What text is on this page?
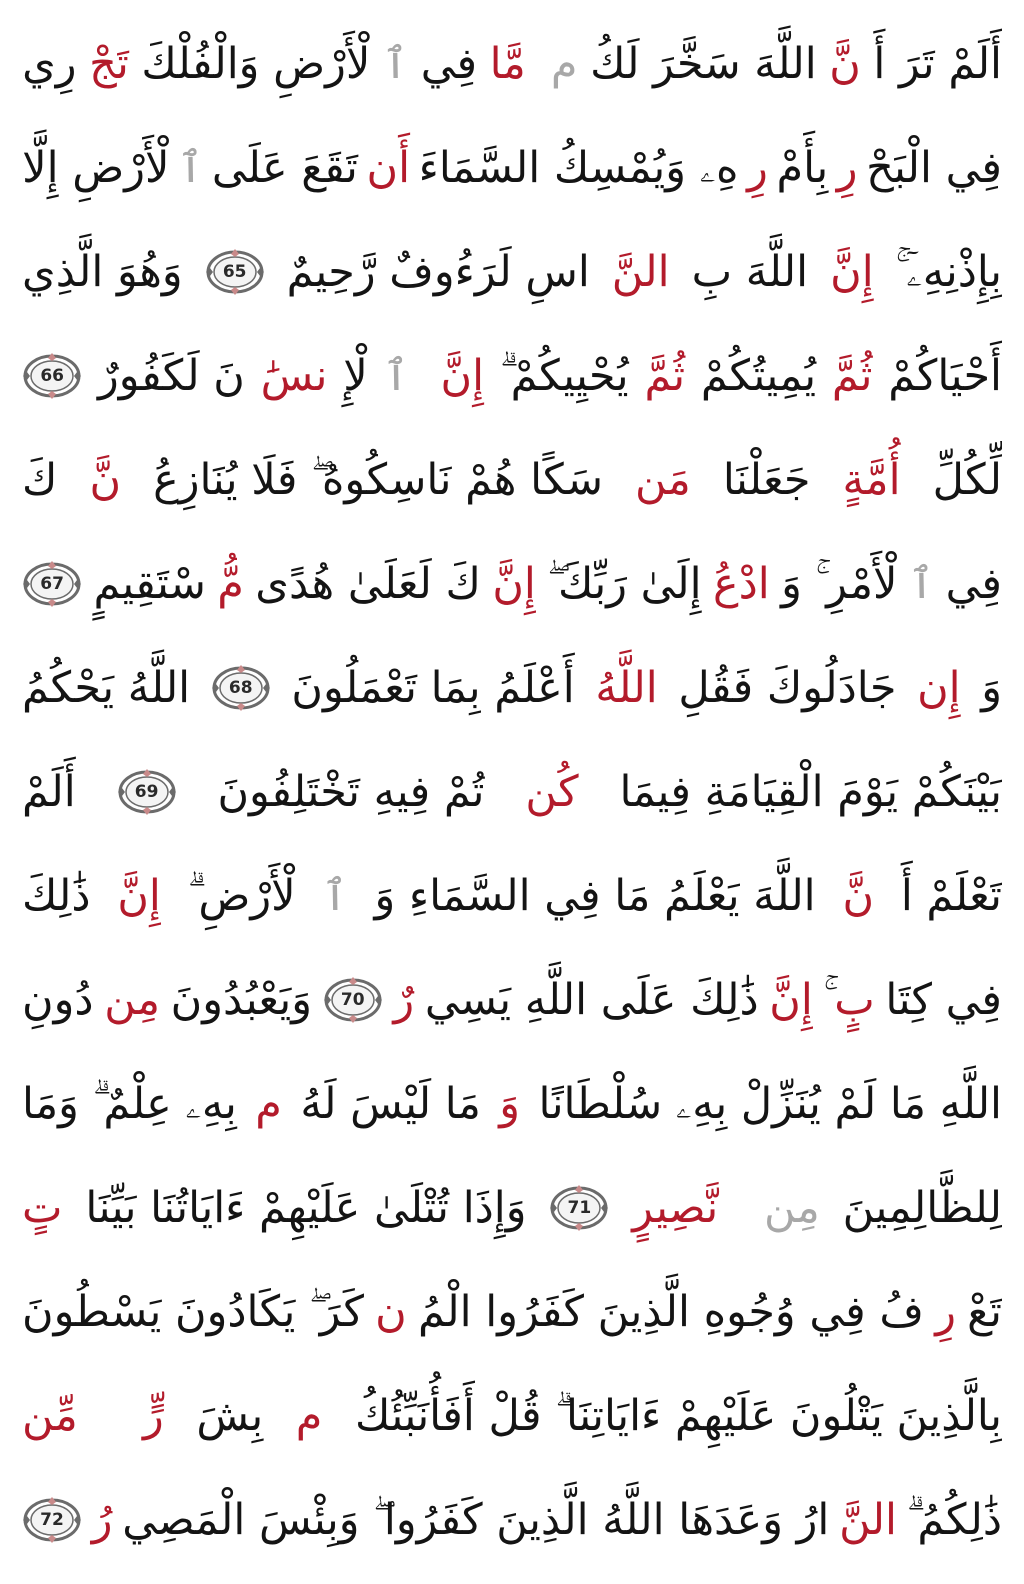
أَلَمْ تَرَ أَ
نَّ
اللَّهَ سَخَّرَ لَكُ
م
مَّا
فِي
ٱ
لْأَرْضِ وَالْفُلْكَ
تَجْ
رِي
فِي الْبَحْ
رِ
بِأَمْ
رِ
هِۦ وَيُمْسِكُ السَّمَاءَ
أَن
تَقَعَ عَلَى
ٱ
لْأَرْضِ إِلَّا
بِإِذْنِهِۦٓ ۚ
إِنَّ
اللَّهَ بِ
النَّ
اسِ لَرَءُوفٌ رَّحِيمٌ
65
وَهُوَ الَّذِي
أَحْيَاكُمْ
ثُمَّ
يُمِيتُكُمْ
ثُمَّ
يُحْيِيكُمْ ۗ
إِنَّ
ٱ
لْإِ
نسَٰ
نَ لَكَفُورٌ
66
لِّكُلِّ
أُمَّةٍ
جَعَلْنَا
مَن
سَكًا هُمْ نَاسِكُوهُ ۖ فَلَا يُنَازِعُ
نَّ
كَ
فِي
ٱ
لْأَمْرِ ۚ وَ
ادْعُ
إِلَىٰ رَبِّكَ ۖ
إِنَّ
كَ لَعَلَىٰ هُدًى
مُّ
سْتَقِيمٍ
67
وَ
إِن
جَادَلُوكَ فَقُلِ
اللَّهُ
أَعْلَمُ بِمَا تَعْمَلُونَ
68
اللَّهُ يَحْكُمُ
بَيْنَكُمْ يَوْمَ الْقِيَامَةِ فِيمَا
كُن
تُمْ فِيهِ تَخْتَلِفُونَ
69
أَلَمْ
تَعْلَمْ أَ
نَّ
اللَّهَ يَعْلَمُ مَا فِي السَّمَاءِ وَ
ٱ
لْأَرْضِ ۗ
إِنَّ
ذَٰلِكَ
فِي كِتَا
بٍ
إِنَّ
ذَٰلِكَ عَلَى اللَّهِ يَسِي
رٌ
70
وَيَعْبُدُونَ
مِن
دُونِ
اللَّهِ مَا لَمْ يُنَزِّلْ بِهِۦ سُلْطَانًا
وَ
مَا لَيْسَ لَهُ
م
بِهِۦ عِلْمٌ ۗ وَمَا
لِلظَّالِمِينَ
مِن
نَّصِيرٍ
71
وَإِذَا تُتْلَىٰ عَلَيْهِمْ ءَايَاتُنَا بَيِّنَا
تٍ
تَعْ
رِ
فُ فِي وُجُوهِ الَّذِينَ كَفَرُوا الْمُ
ن
كَرَ ۖ يَكَادُونَ يَسْطُونَ
بِالَّذِينَ يَتْلُونَ عَلَيْهِمْ ءَايَاتِنَا ۗ قُلْ أَفَأُنَبِّئُكُ
م
بِشَ
رٍّ
مِّن
ذَٰلِكُمُ ۗ
النَّ
ارُ وَعَدَهَا اللَّهُ الَّذِينَ كَفَرُوا ۖ وَبِئْسَ الْمَصِي
رُ
72
